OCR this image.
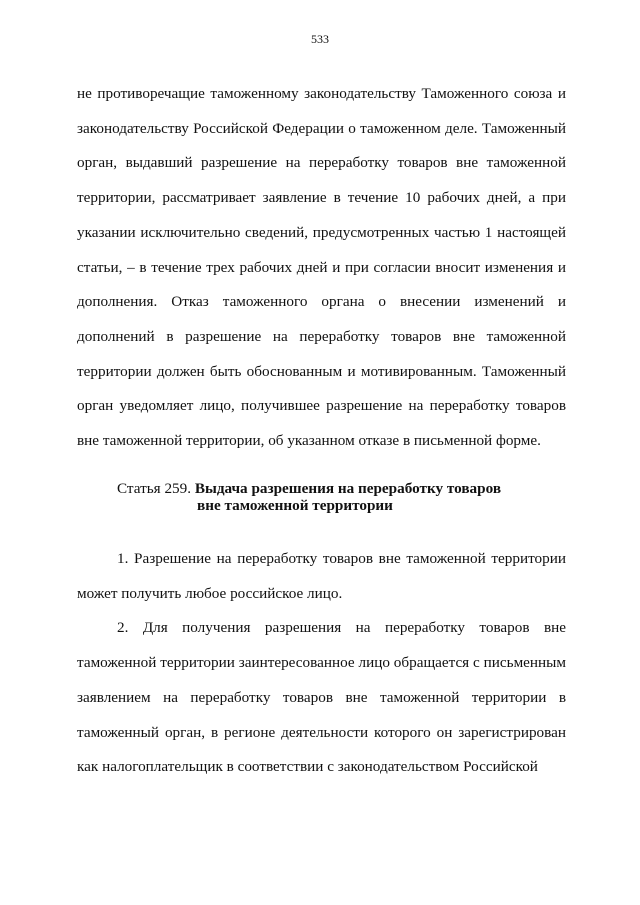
533

не противоречащие таможенному законодательству Таможенного союза и законодательству Российской Федерации о таможенном деле. Таможенный орган, выдавший разрешение на переработку товаров вне таможенной территории, рассматривает заявление в течение 10 рабочих дней, а при указании исключительно сведений, предусмотренных частью 1 настоящей статьи, – в течение трех рабочих дней и при согласии вносит изменения и дополнения. Отказ таможенного органа о внесении изменений и дополнений в разрешение на переработку товаров вне таможенной территории должен быть обоснованным и мотивированным. Таможенный орган уведомляет лицо, получившее разрешение на переработку товаров вне таможенной территории, об указанном отказе в письменной форме.

Статья 259. Выдача разрешения на переработку товаров
вне таможенной территории

1. Разрешение на переработку товаров вне таможенной территории может получить любое российское лицо.

2. Для получения разрешения на переработку товаров вне таможенной территории заинтересованное лицо обращается с письменным заявлением на переработку товаров вне таможенной территории в таможенный орган, в регионе деятельности которого он зарегистрирован как налогоплательщик в соответствии с законодательством Российской
